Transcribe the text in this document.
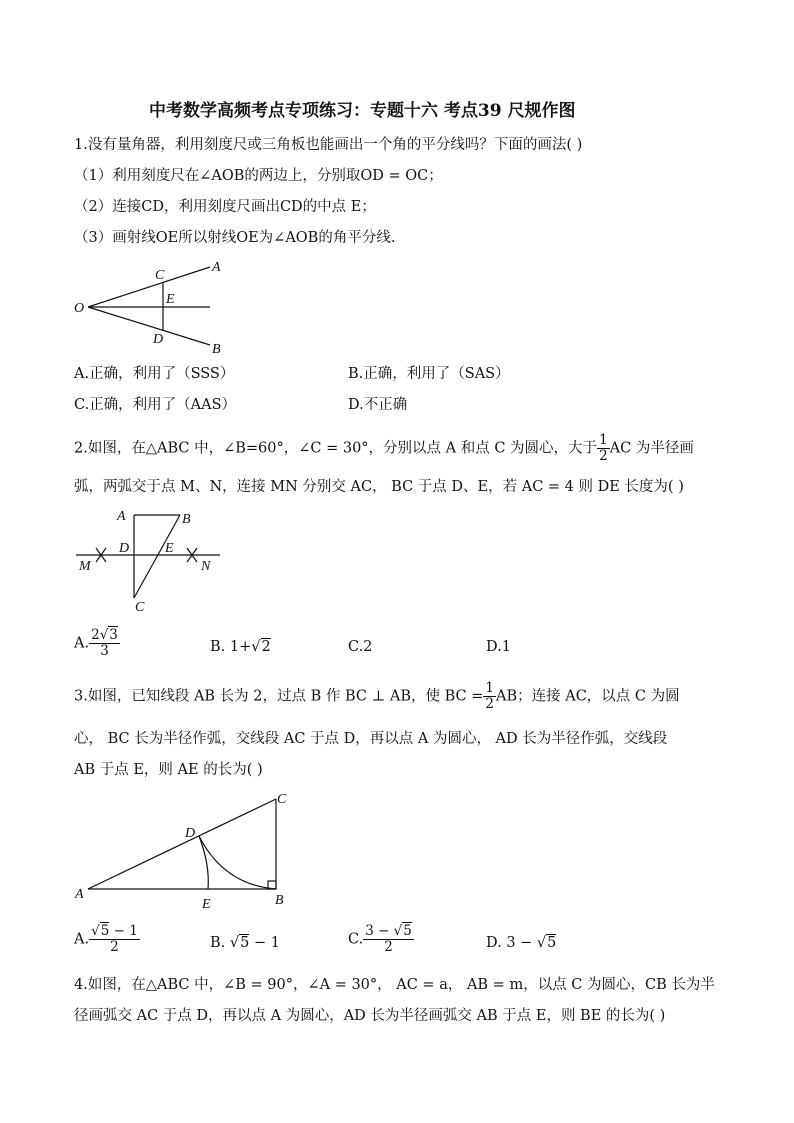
中考数学高频考点专项练习：专题十六 考点39 尺规作图
1.没有量角器，利用刻度尺或三角板也能画出一个角的平分线吗？下面的画法( )
（1）利用刻度尺在∠AOB的两边上，分别取OD = OC；
（2）连接CD，利用刻度尺画出CD的中点 E；
（3）画射线OE所以射线OE为∠AOB的角平分线.
O
A
B
C
D
E
A.正确，利用了（SSS）	B.正确，利用了（SAS）
C.正确，利用了（AAS）	D.不正确
2.如图，在△ABC 中，∠B=60°，∠C = 30°，分别以点 A 和点 C 为圆心，大于 $\frac{1}{2}$ AC 为半径画
弧，两弧交于点 M、N，连接 MN 分别交 AC， BC 于点 D、E，若 AC = 4 则 DE 长度为( )
A	B
C
D	E
M	N
A. $\frac{2√3}{3}$	B. 1+√2	C.2	D.1
3.如图，已知线段 AB 长为 2，过点 B 作 BC ⊥ AB，使 BC = $\frac{1}{2}$ AB；连接 AC，以点 C 为圆
心， BC 长为半径作弧，交线段 AC 于点 D，再以点 A 为圆心， AD 长为半径作弧，交线段
AB 于点 E，则 AE 的长为( )
A	B
C
D
E
A. $\frac{√5 - 1}{2}$	B. √5 − 1	C. $\frac{3 - √5}{2}$	D. 3 − √5
4.如图，在△ABC 中，∠B = 90°，∠A = 30°， AC = a， AB = m，以点 C 为圆心，CB 长为半
径画弧交 AC 于点 D，再以点 A 为圆心，AD 长为半径画弧交 AB 于点 E，则 BE 的长为( )
